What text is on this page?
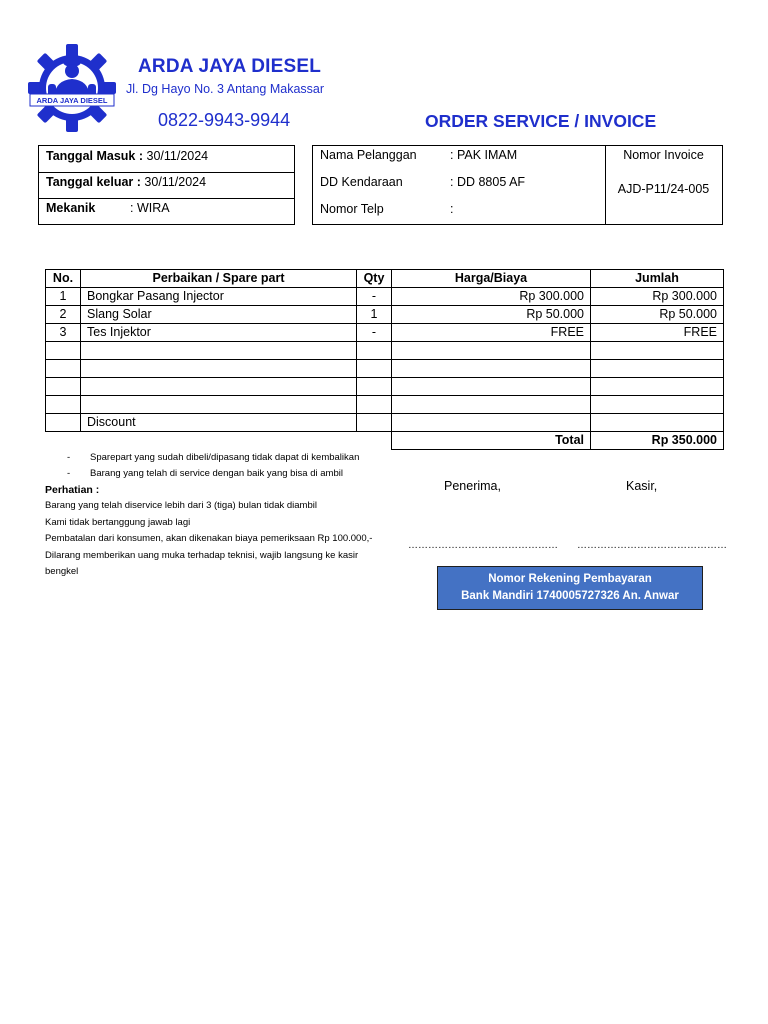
ARDA JAYA DIESEL
ARDA JAYA DIESEL
Jl. Dg Hayo No. 3 Antang Makassar
0822-9943-9944	ORDER SERVICE / INVOICE
Tanggal Masuk : 30/11/2024
Tanggal keluar : 30/11/2024
Mekanik	: WIRA
Nama Pelanggan	: PAK IMAM
DD Kendaraan	: DD 8805 AF
Nomor Telp	:
Nomor Invoice
AJD-P11/24-005
No.	Perbaikan / Spare part	Qty	Harga/Biaya	Jumlah
1	Bongkar Pasang Injector	-	Rp 300.000	Rp 300.000
2	Slang Solar	1	Rp 50.000	Rp 50.000
3	Tes Injektor	-	FREE	FREE

	Discount			
			Total	Rp 350.000
- Sparepart yang sudah dibeli/dipasang tidak dapat di kembalikan
- Barang yang telah di service dengan baik yang bisa di ambil
Perhatian :
Barang yang telah diservice lebih dari 3 (tiga) bulan tidak diambil
Kami tidak bertanggung jawab lagi
Pembatalan dari konsumen, akan dikenakan biaya pemeriksaan Rp 100.000,-
Dilarang memberikan uang muka terhadap teknisi, wajib langsung ke kasir bengkel
Penerima,	Kasir,
……………………………………… ………………………………………
Nomor Rekening Pembayaran
Bank Mandiri 1740005727326 An. Anwar
